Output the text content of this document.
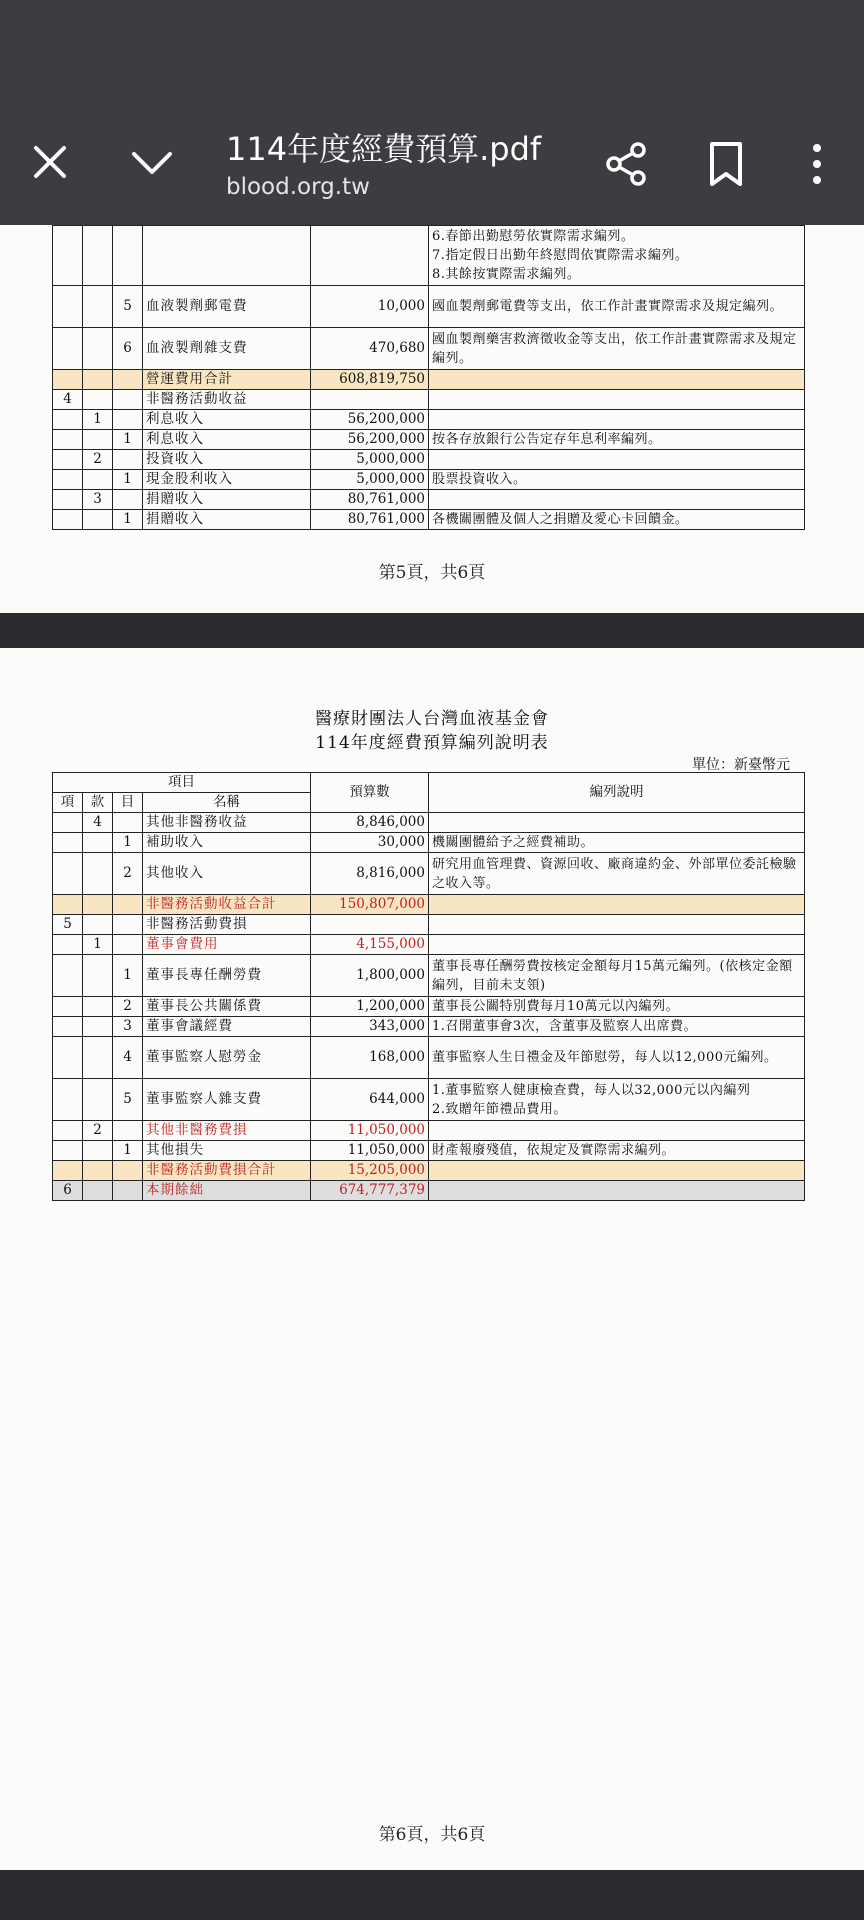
114年度經費預算.pdf
blood.org.tw
					6.春節出勤慰勞依實際需求編列。
7.指定假日出勤年終慰問依實際需求編列。
8.其餘按實際需求編列。
		5	血液製劑郵電費	10,000	國血製劑郵電費等支出，依工作計畫實際需求及規定編列。
		6	血液製劑雜支費	470,680	國血製劑藥害救濟徵收金等支出，依工作計畫實際需求及規定編列。
			營運費用合計	608,819,750	
4			非醫務活動收益		
	1		利息收入	56,200,000	
		1	利息收入	56,200,000	按各存放銀行公告定存年息利率編列。
	2		投資收入	5,000,000	
		1	現金股利收入	5,000,000	股票投資收入。
	3		捐贈收入	80,761,000	
		1	捐贈收入	80,761,000	各機關團體及個人之捐贈及愛心卡回饋金。
第5頁，共6頁
醫療財團法人台灣血液基金會
114年度經費預算編列說明表
單位：新臺幣元
項目				預算數	編列說明
項	款	目	名稱		
	4		其他非醫務收益	8,846,000	
		1	補助收入	30,000	機關團體給予之經費補助。
		2	其他收入	8,816,000	研究用血管理費、資源回收、廠商違約金、外部單位委託檢驗之收入等。
			非醫務活動收益合計	150,807,000	
5			非醫務活動費損		
	1		董事會費用	4,155,000	
		1	董事長專任酬勞費	1,800,000	董事長專任酬勞費按核定金額每月15萬元編列。(依核定金額編列，目前未支領)
		2	董事長公共關係費	1,200,000	董事長公關特別費每月10萬元以內編列。
		3	董事會議經費	343,000	1.召開董事會3次，含董事及監察人出席費。
		4	董事監察人慰勞金	168,000	董事監察人生日禮金及年節慰勞，每人以12,000元編列。
		5	董事監察人雜支費	644,000	1.董事監察人健康檢查費，每人以32,000元以內編列
2.致贈年節禮品費用。
	2		其他非醫務費損	11,050,000	
		1	其他損失	11,050,000	財產報廢殘值，依規定及實際需求編列。
			非醫務活動費損合計	15,205,000	
6			本期餘絀	674,777,379	
第6頁，共6頁
